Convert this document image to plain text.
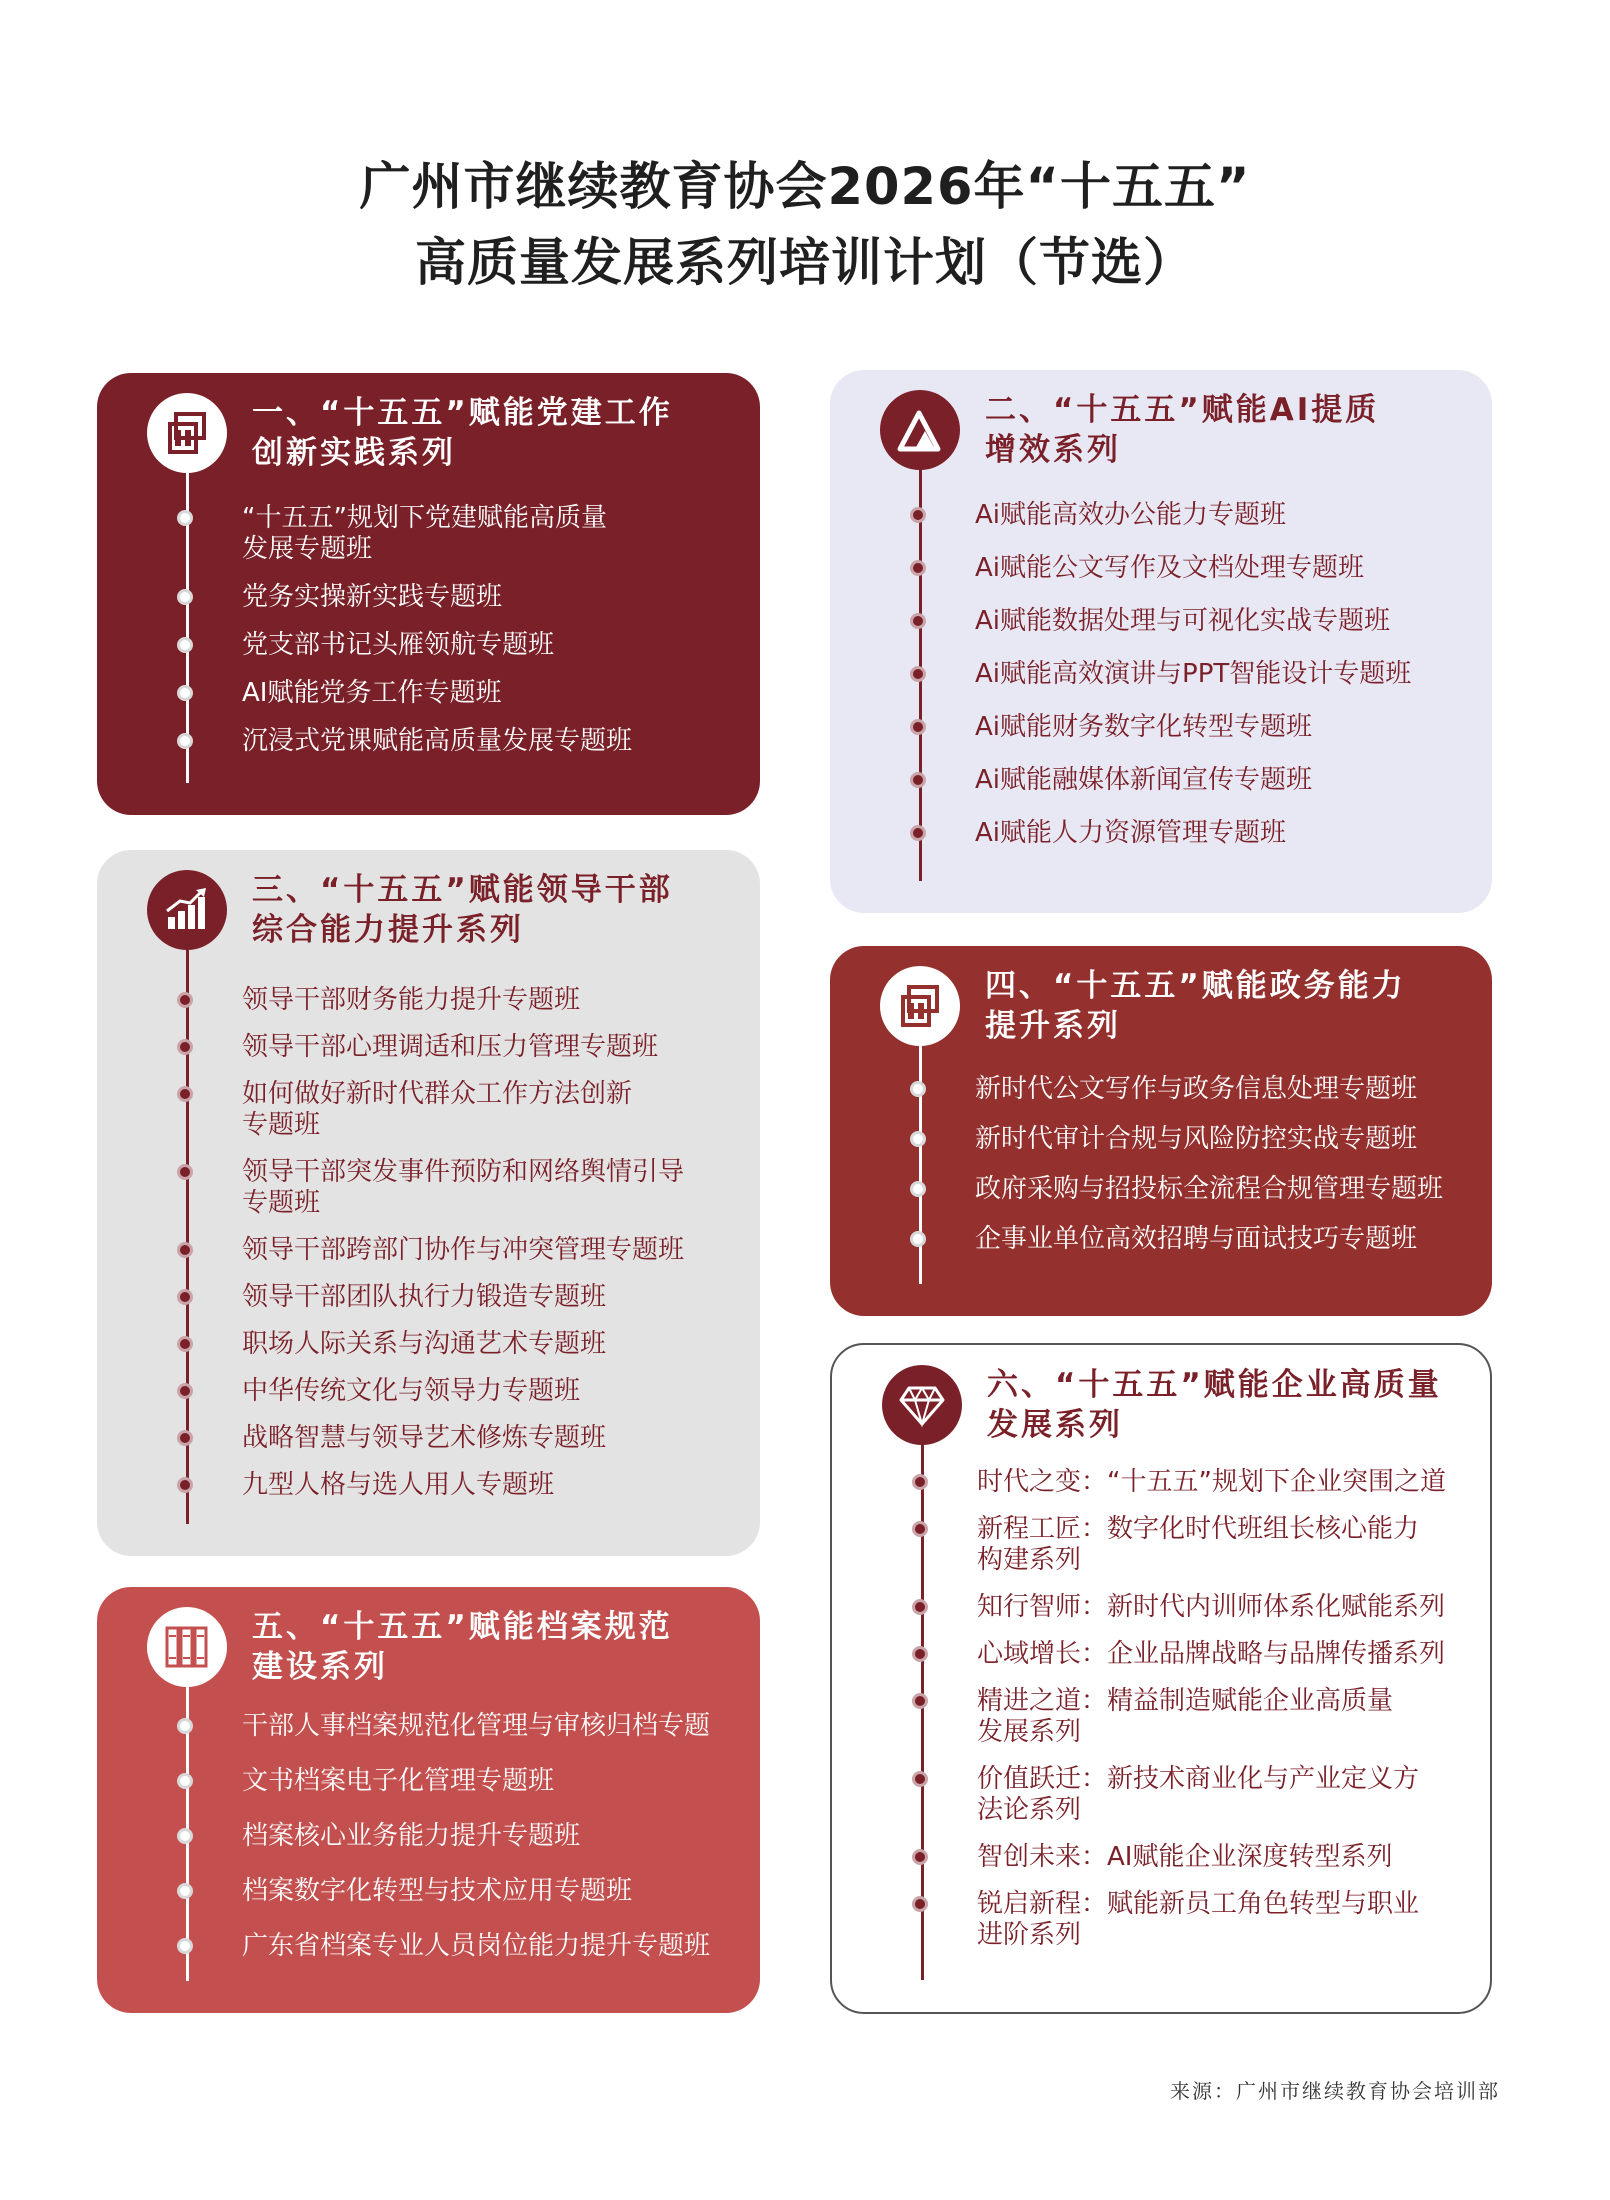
广州市继续教育协会2026年“十五五”
高质量发展系列培训计划（节选）
一、“十五五”赋能党建工作
创新实践系列
“十五五”规划下党建赋能高质量
发展专题班
党务实操新实践专题班
党支部书记头雁领航专题班
AI赋能党务工作专题班
沉浸式党课赋能高质量发展专题班
二、“十五五”赋能AI提质
增效系列
Ai赋能高效办公能力专题班
Ai赋能公文写作及文档处理专题班
Ai赋能数据处理与可视化实战专题班
Ai赋能高效演讲与PPT智能设计专题班
Ai赋能财务数字化转型专题班
Ai赋能融媒体新闻宣传专题班
Ai赋能人力资源管理专题班
三、“十五五”赋能领导干部
综合能力提升系列
领导干部财务能力提升专题班
领导干部心理调适和压力管理专题班
如何做好新时代群众工作方法创新
专题班
领导干部突发事件预防和网络舆情引导
专题班
领导干部跨部门协作与冲突管理专题班
领导干部团队执行力锻造专题班
职场人际关系与沟通艺术专题班
中华传统文化与领导力专题班
战略智慧与领导艺术修炼专题班
九型人格与选人用人专题班
四、“十五五”赋能政务能力
提升系列
新时代公文写作与政务信息处理专题班
新时代审计合规与风险防控实战专题班
政府采购与招投标全流程合规管理专题班
企事业单位高效招聘与面试技巧专题班
五、“十五五”赋能档案规范
建设系列
干部人事档案规范化管理与审核归档专题
文书档案电子化管理专题班
档案核心业务能力提升专题班
档案数字化转型与技术应用专题班
广东省档案专业人员岗位能力提升专题班
六、“十五五”赋能企业高质量
发展系列
时代之变：“十五五”规划下企业突围之道
新程工匠：数字化时代班组长核心能力
构建系列
知行智师：新时代内训师体系化赋能系列
心域增长：企业品牌战略与品牌传播系列
精进之道：精益制造赋能企业高质量
发展系列
价值跃迁：新技术商业化与产业定义方
法论系列
智创未来：AI赋能企业深度转型系列
锐启新程：赋能新员工角色转型与职业
进阶系列

来源：广州市继续教育协会培训部
